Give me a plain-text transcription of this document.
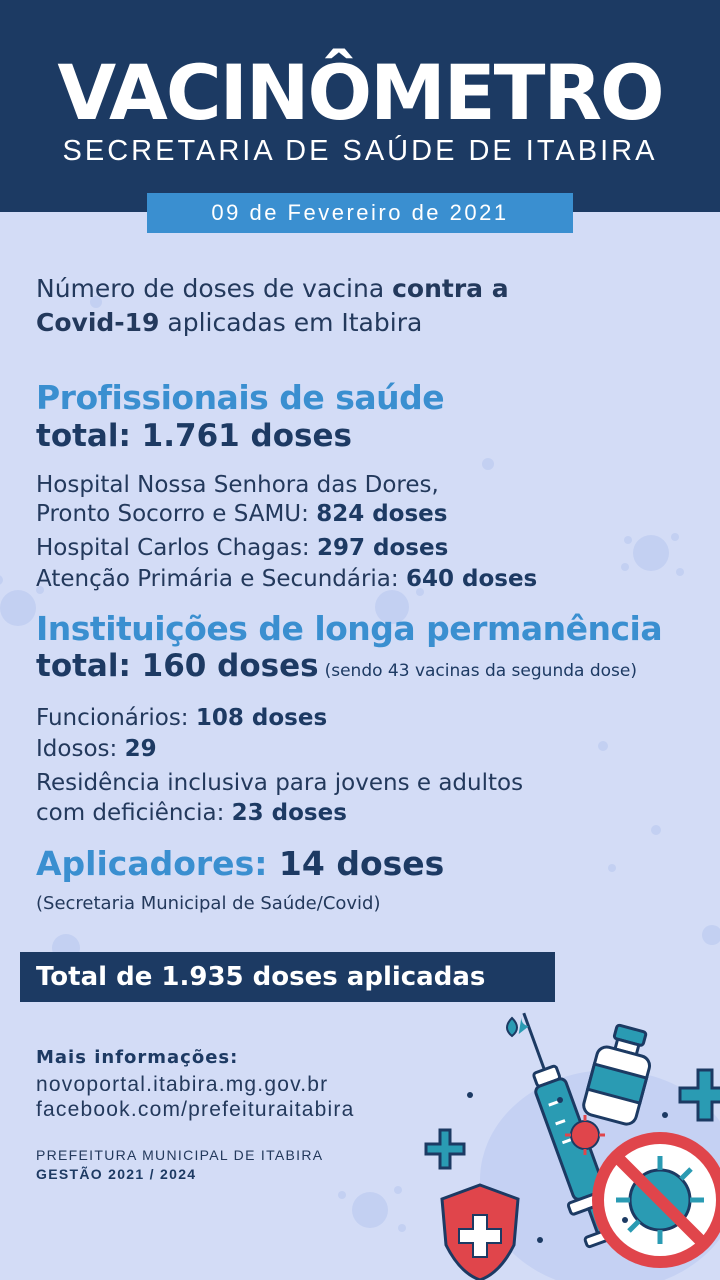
VACINÔMETRO
SECRETARIA DE SAÚDE DE ITABIRA
09 de Fevereiro de 2021
Número de doses de vacina contra a Covid-19 aplicadas em Itabira
Profissionais de saúde
total: 1.761 doses
Hospital Nossa Senhora das Dores,
Pronto Socorro e SAMU: 824 doses
Hospital Carlos Chagas: 297 doses
Atenção Primária e Secundária: 640 doses
Instituições de longa permanência
total: 160 doses (sendo 43 vacinas da segunda dose)
Funcionários: 108 doses
Idosos: 29
Residência inclusiva para jovens e adultos
com deficiência: 23 doses
Aplicadores: 14 doses
(Secretaria Municipal de Saúde/Covid)
Total de 1.935 doses aplicadas
Mais informações:
novoportal.itabira.mg.gov.br
facebook.com/prefeituraitabira
PREFEITURA MUNICIPAL DE ITABIRA
GESTÃO 2021 / 2024
